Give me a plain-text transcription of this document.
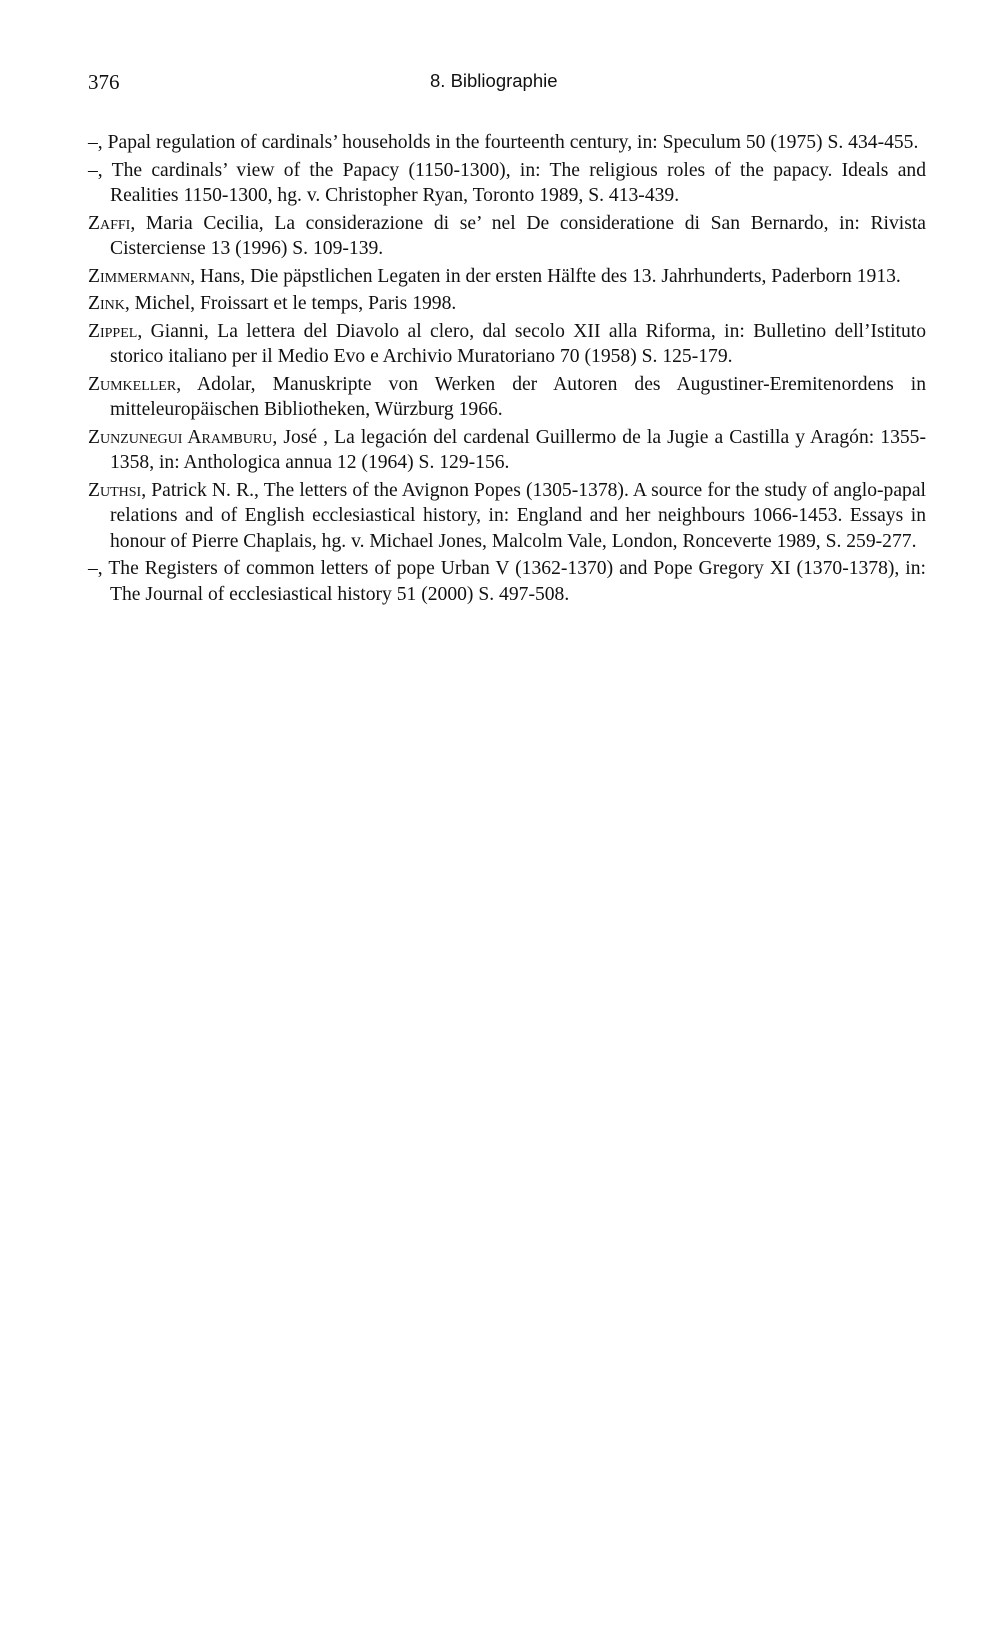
376	8. Bibliographie

–, Papal regulation of cardinals’ households in the fourteenth century, in: Speculum 50 (1975) S. 434-455.

–, The cardinals’ view of the Papacy (1150-1300), in: The religious roles of the papacy. Ideals and Realities 1150-1300, hg. v. Christopher Ryan, Toronto 1989, S. 413-439.

Zaffi, Maria Cecilia, La considerazione di se’ nel De consideratione di San Bernardo, in: Rivista Cisterciense 13 (1996) S. 109-139.

Zimmermann, Hans, Die päpstlichen Legaten in der ersten Hälfte des 13. Jahrhunderts, Paderborn 1913.

Zink, Michel, Froissart et le temps, Paris 1998.

Zippel, Gianni, La lettera del Diavolo al clero, dal secolo XII alla Riforma, in: Bulletino dell’Istituto storico italiano per il Medio Evo e Archivio Muratoriano 70 (1958) S. 125-179.

Zumkeller, Adolar, Manuskripte von Werken der Autoren des Augustiner-Eremitenordens in mitteleuropäischen Bibliotheken, Würzburg 1966.

Zunzunegui Aramburu, José , La legación del cardenal Guillermo de la Jugie a Castilla y Aragón: 1355-1358, in: Anthologica annua 12 (1964) S. 129-156.

Zuthsi, Patrick N. R., The letters of the Avignon Popes (1305-1378). A source for the study of anglo-papal relations and of English ecclesiastical history, in: England and her neighbours 1066-1453. Essays in honour of Pierre Chaplais, hg. v. Michael Jones, Malcolm Vale, London, Ronceverte 1989, S. 259-277.

–, The Registers of common letters of pope Urban V (1362-1370) and Pope Gregory XI (1370-1378), in: The Journal of ecclesiastical history 51 (2000) S. 497-508.
